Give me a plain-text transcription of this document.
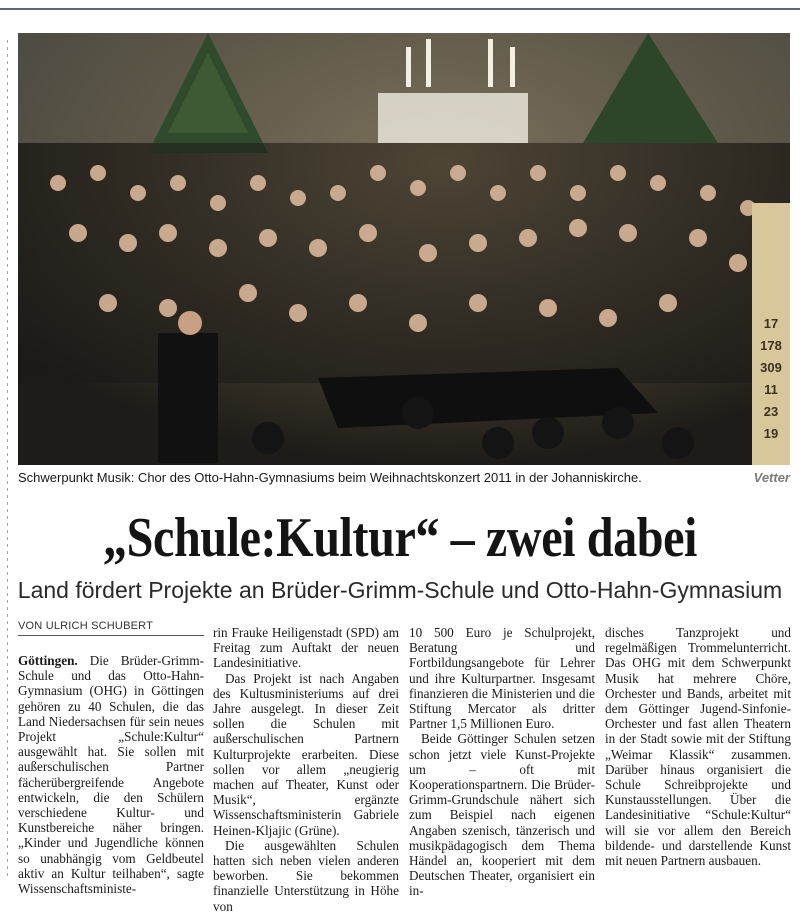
17
178
309
11
23
19
Schwerpunkt Musik: Chor des Otto-Hahn-Gymnasiums beim Weihnachtskonzert 2011 in der Johanniskirche.	Vetter
„Schule:Kultur“ – zwei dabei
Land fördert Projekte an Brüder-Grimm-Schule und Otto-Hahn-Gymnasium
VON ULRICH SCHUBERT

Göttingen. Die Brüder-Grimm-Schule und das Otto-Hahn-Gymnasium (OHG) in Göttingen gehören zu 40 Schulen, die das Land Niedersachsen für sein neues Projekt „Schule:Kultur“ ausgewählt hat. Sie sollen mit außerschulischen Partner fächerübergreifende Angebote entwickeln, die den Schülern verschiedene Kultur- und Kunstbereiche näher bringen. „Kinder und Jugendliche können so unabhängig vom Geldbeutel aktiv an Kultur teilhaben“, sagte Wissenschaftsministe-

rin Frauke Heiligenstadt (SPD) am Freitag zum Auftakt der neuen Landesinitiative.

Das Projekt ist nach Angaben des Kultusministeriums auf drei Jahre ausgelegt. In dieser Zeit sollen die Schulen mit außerschulischen Partnern Kulturprojekte erarbeiten. Diese sollen vor allem „neugierig machen auf Theater, Kunst oder Musik“, ergänzte Wissenschaftsministerin Gabriele Heinen-Kljajic (Grüne).

Die ausgewählten Schulen hatten sich neben vielen anderen beworben. Sie bekommen finanzielle Unterstützung in Höhe von

10 500 Euro je Schulprojekt, Beratung und Fortbildungsangebote für Lehrer und ihre Kulturpartner. Insgesamt finanzieren die Ministerien und die Stiftung Mercator als dritter Partner 1,5 Millionen Euro.

Beide Göttinger Schulen setzen schon jetzt viele Kunst-Projekte um – oft mit Kooperationspartnern. Die Brüder-Grimm-Grundschule nähert sich zum Beispiel nach eigenen Angaben szenisch, tänzerisch und musikpädagogisch dem Thema Händel an, kooperiert mit dem Deutschen Theater, organisiert ein in-

disches Tanzprojekt und regelmäßigen Trommelunterricht. Das OHG mit dem Schwerpunkt Musik hat mehrere Chöre, Orchester und Bands, arbeitet mit dem Göttinger Jugend-Sinfonie-Orchester und fast allen Theatern in der Stadt sowie mit der Stiftung „Weimar Klassik“ zusammen. Darüber hinaus organisiert die Schule Schreibprojekte und Kunstausstellungen. Über die Landesinitiative “Schule:Kultur“ will sie vor allem den Bereich bildende- und darstellende Kunst mit neuen Partnern ausbauen.
